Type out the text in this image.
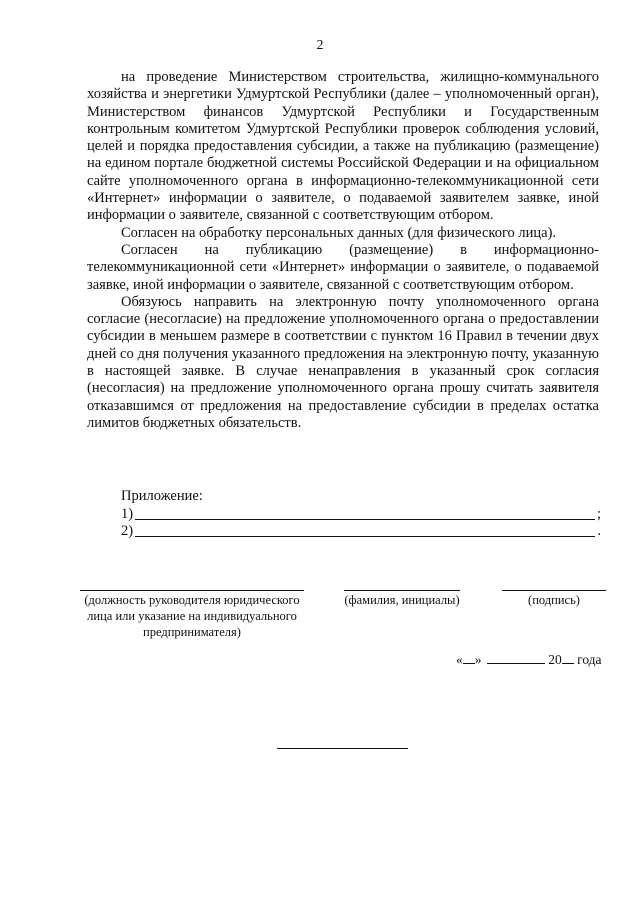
2

на проведение Министерством строительства, жилищно-коммунального хозяйства и энергетики Удмуртской Республики (далее – уполномоченный орган), Министерством финансов Удмуртской Республики и Государственным контрольным комитетом Удмуртской Республики проверок соблюдения условий, целей и порядка предоставления субсидии, а также на публикацию (размещение) на едином портале бюджетной системы Российской Федерации и на официальном сайте уполномоченного органа в информационно-телекоммуникационной сети «Интернет» информации о заявителе, о подаваемой заявителем заявке, иной информации о заявителе, связанной с соответствующим отбором.

Согласен на обработку персональных данных (для физического лица).

Согласен на публикацию (размещение) в информационно-телекоммуникационной сети «Интернет» информации о заявителе, о подаваемой заявке, иной информации о заявителе, связанной с соответствующим отбором.

Обязуюсь направить на электронную почту уполномоченного органа согласие (несогласие) на предложение уполномоченного органа о предоставлении субсидии в меньшем размере в соответствии с пунктом 16 Правил в течении двух дней со дня получения указанного предложения на электронную почту, указанную в настоящей заявке. В случае ненаправления в указанный срок согласия (несогласия) на предложение уполномоченного органа прошу считать заявителя отказавшимся от предложения на предоставление субсидии в пределах остатка лимитов бюджетных обязательств.

Приложение:
1)	;
2)	.
(должность руководителя юридического лица или указание на индивидуального предпринимателя)
(фамилия, инициалы)	(подпись)
« »	20 года
